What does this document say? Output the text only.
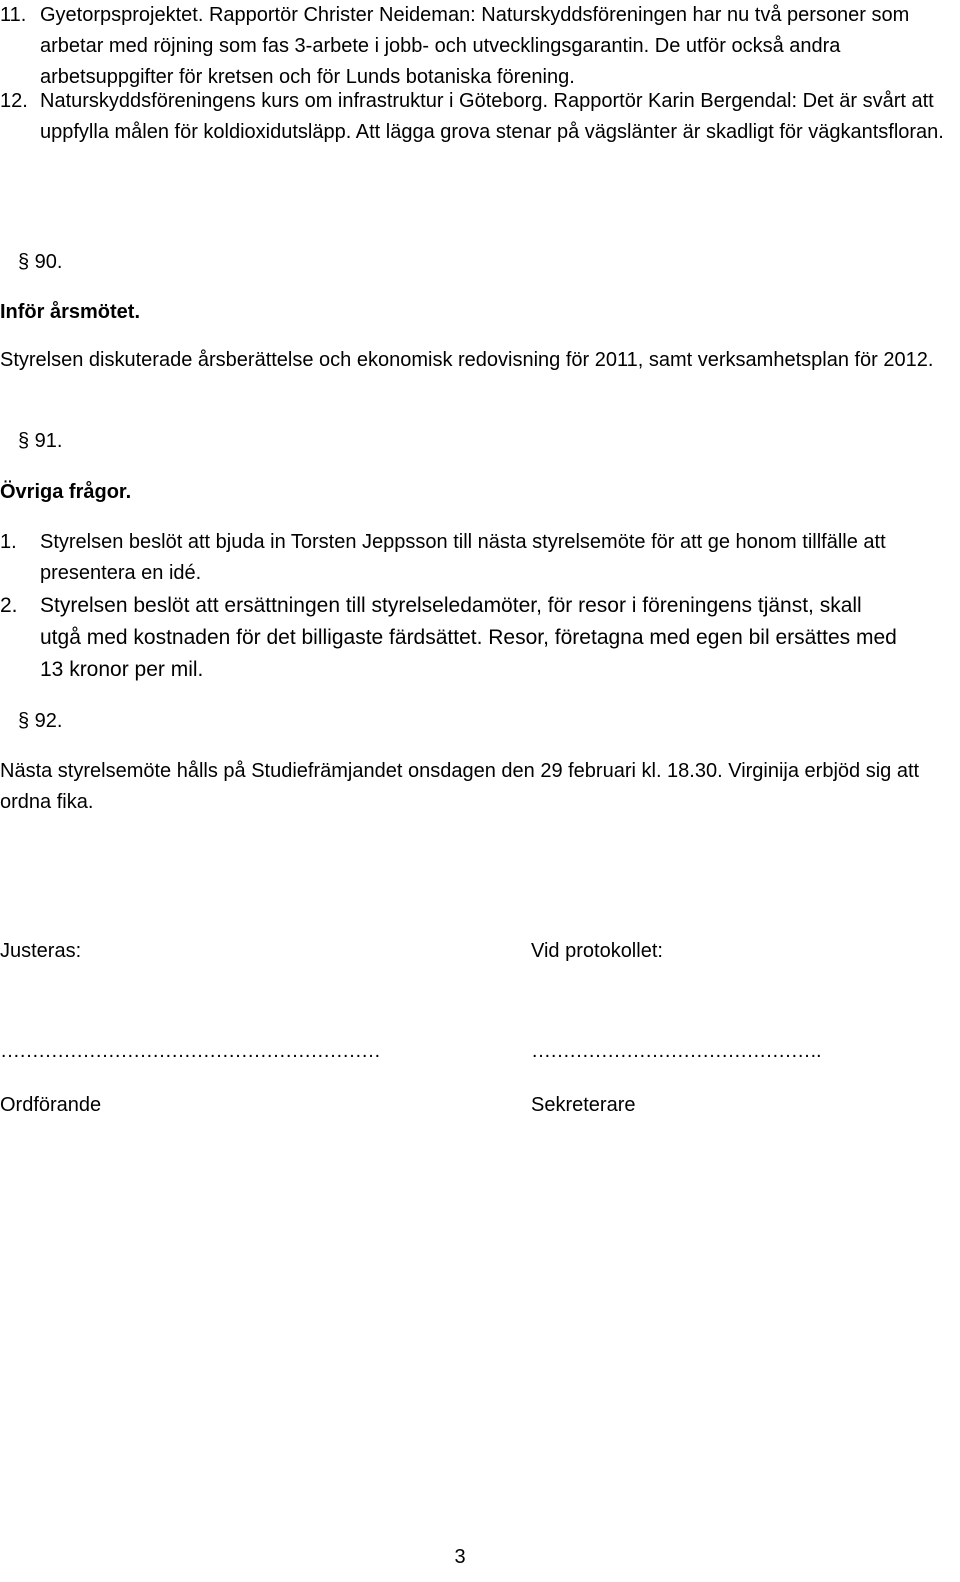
11. Gyetorpsprojektet. Rapportör Christer Neideman: Naturskyddsföreningen har nu två personer som arbetar med röjning som fas 3-arbete i jobb- och utvecklingsgarantin. De utför också andra arbetsuppgifter för kretsen och för Lunds botaniska förening.
12. Naturskyddsföreningens kurs om infrastruktur i Göteborg. Rapportör Karin Bergendal: Det är svårt att uppfylla målen för koldioxidutsläpp. Att lägga grova stenar på vägslänter är skadligt för vägkantsfloran.
§ 90.
Inför årsmötet.
Styrelsen diskuterade årsberättelse och ekonomisk redovisning för 2011, samt verksamhetsplan för 2012.
§ 91.
Övriga frågor.
1. Styrelsen beslöt att bjuda in Torsten Jeppsson till nästa styrelsemöte för att ge honom tillfälle att presentera en idé.
2. Styrelsen beslöt att ersättningen till styrelseledamöter, för resor i föreningens tjänst, skall utgå med kostnaden för det billigaste färdsättet. Resor, företagna med egen bil ersättes med 13 kronor per mil.
§ 92.
Nästa styrelsemöte hålls på Studiefrämjandet onsdagen den 29 februari kl. 18.30. Virginija erbjöd sig att ordna fika.
Justeras:	Vid protokollet:
……………………………………………………	……………………………………….
Ordförande	Sekreterare
3
